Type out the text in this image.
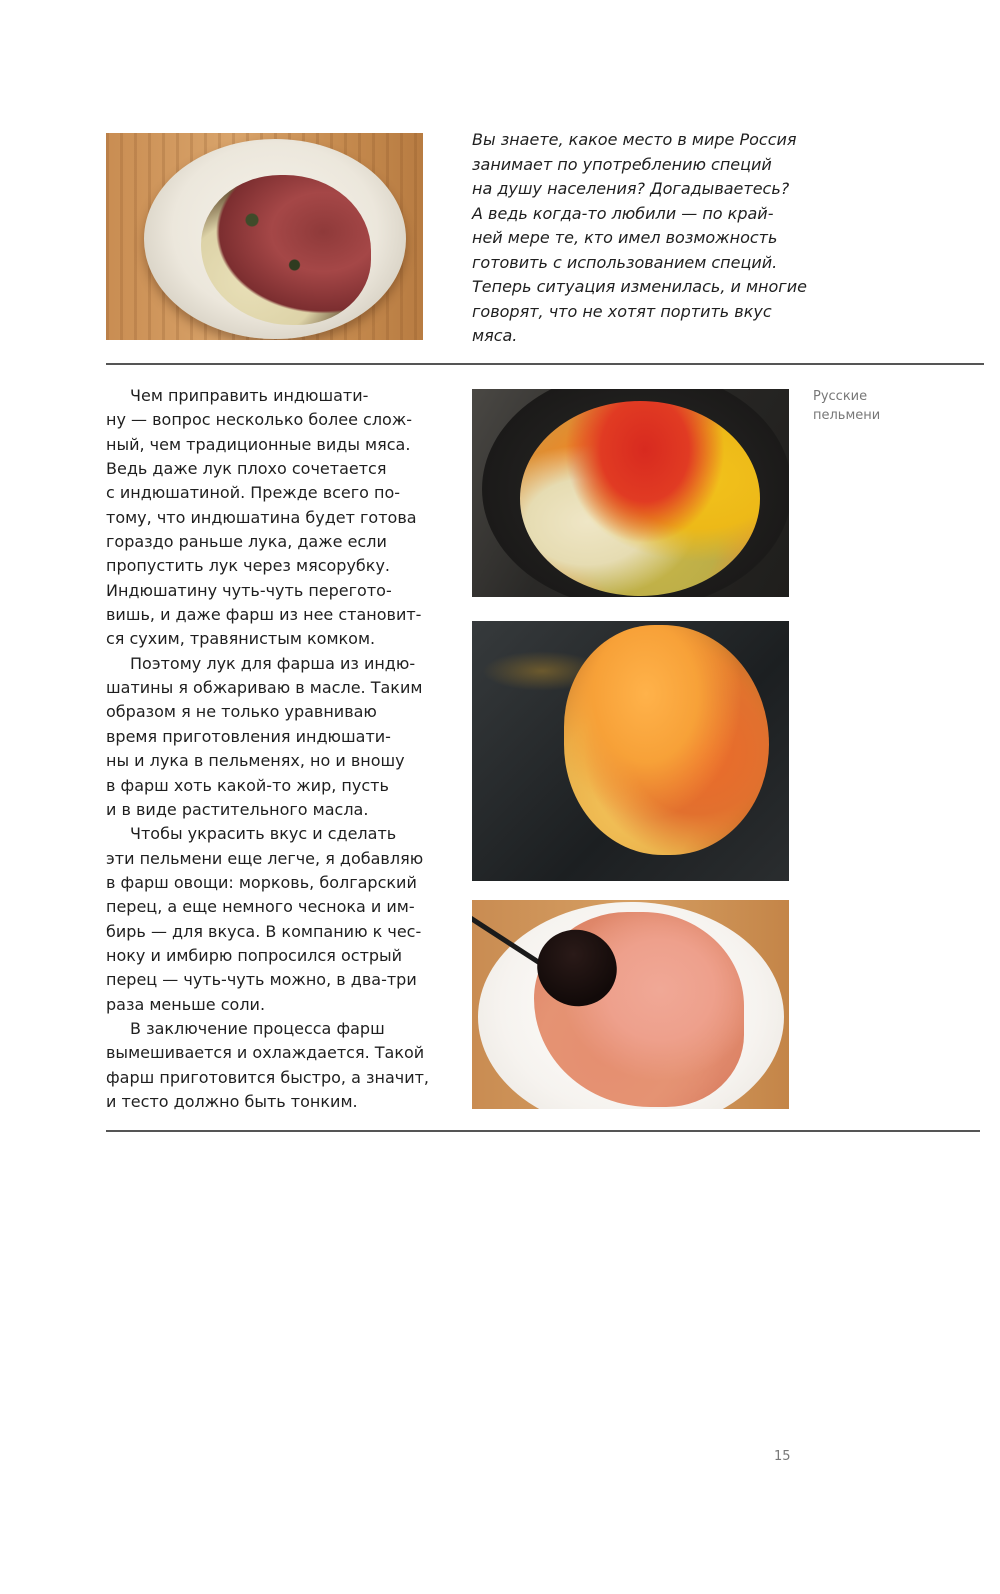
Вы знаете, какое место в мире Россия
занимает по употреблению специй
на душу населения? Догадываетесь?
А ведь когда-то любили — по край-
ней мере те, кто имел возможность
готовить с использованием специй.
Теперь ситуация изменилась, и многие
говорят, что не хотят портить вкус
мяса.
Чем приправить индюшати-
ну — вопрос несколько более слож-
ный, чем традиционные виды мяса.
Ведь даже лук плохо сочетается
с индюшатиной. Прежде всего по-
тому, что индюшатина будет готова
гораздо раньше лука, даже если
пропустить лук через мясорубку.
Индюшатину чуть-чуть перегото-
вишь, и даже фарш из нее становит-
ся сухим, травянистым комком.
Поэтому лук для фарша из индю-
шатины я обжариваю в масле. Таким
образом я не только уравниваю
время приготовления индюшати-
ны и лука в пельменях, но и вношу
в фарш хоть какой-то жир, пусть
и в виде растительного масла.
Чтобы украсить вкус и сделать
эти пельмени еще легче, я добавляю
в фарш овощи: морковь, болгарский
перец, а еще немного чеснока и им-
бирь — для вкуса. В компанию к чес-
ноку и имбирю попросился острый
перец — чуть-чуть можно, в два-три
раза меньше соли.
В заключение процесса фарш
вымешивается и охлаждается. Такой
фарш приготовится быстро, а значит,
и тесто должно быть тонким.
Русские
пельмени
15
